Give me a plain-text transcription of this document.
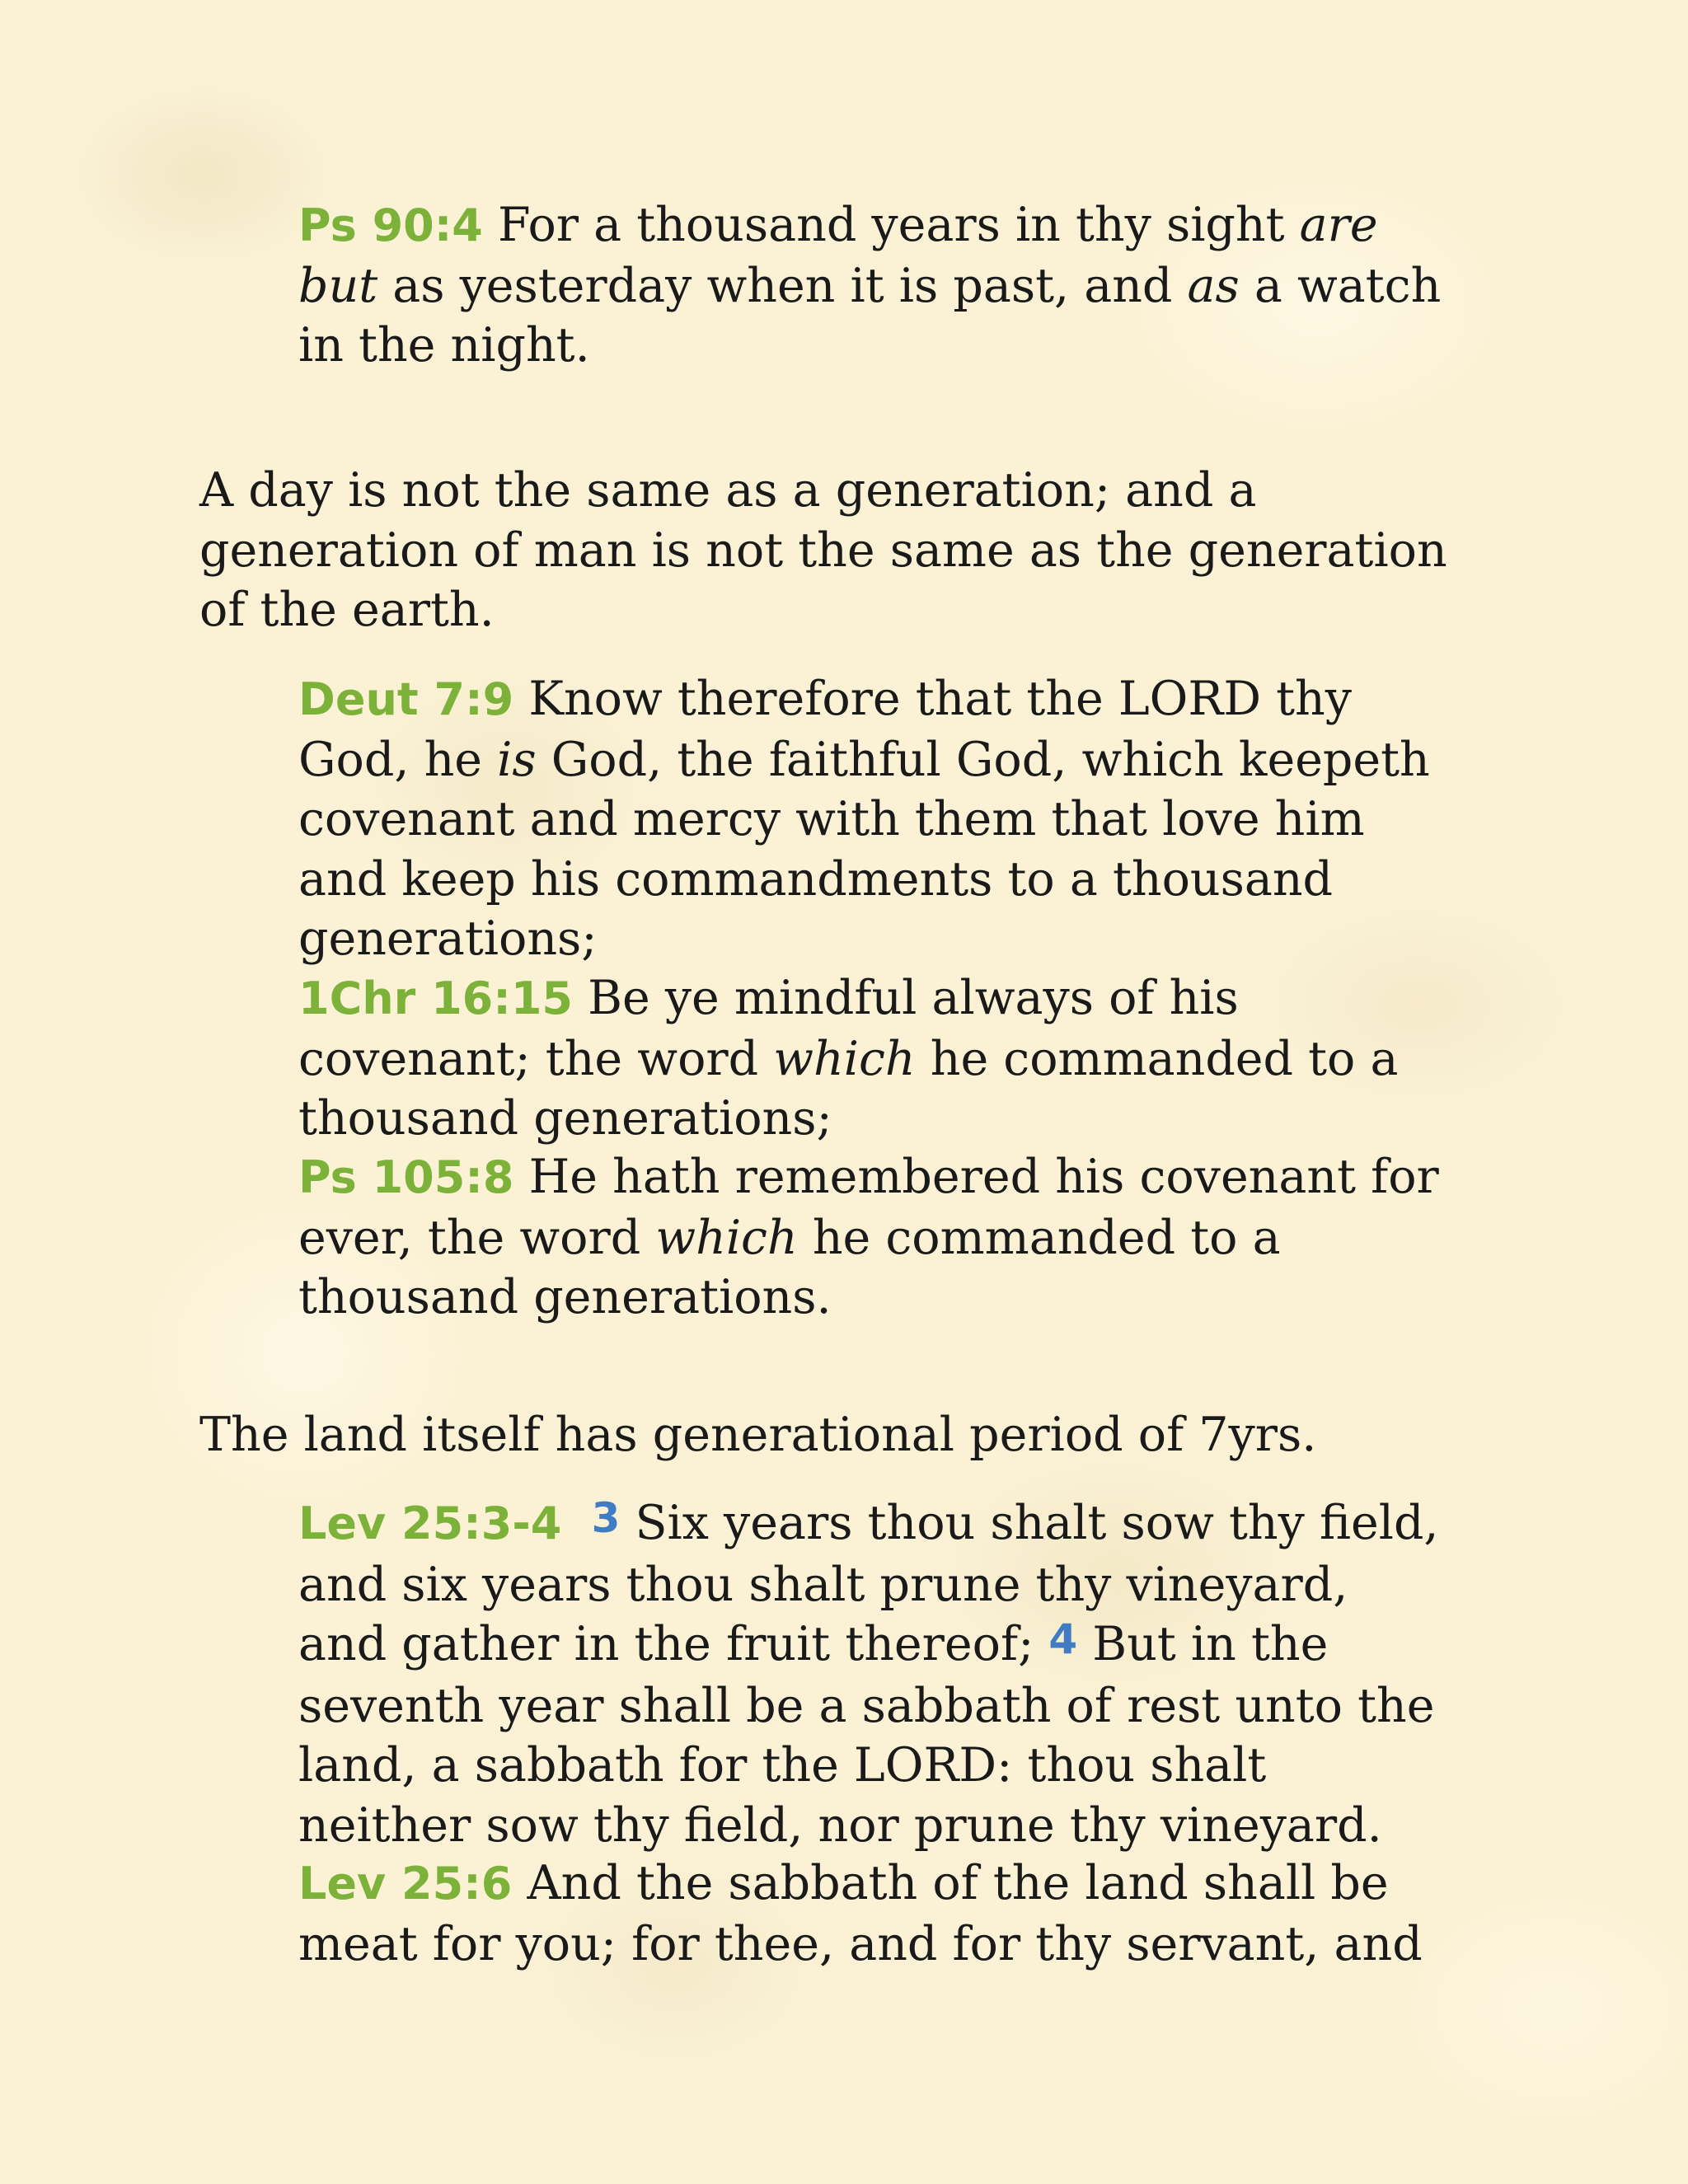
Ps 90:4 For a thousand years in thy sight are
but as yesterday when it is past, and as a watch
in the night.
A day is not the same as a generation; and a
generation of man is not the same as the generation
of the earth.
Deut 7:9 Know therefore that the LORD thy
God, he is God, the faithful God, which keepeth
covenant and mercy with them that love him
and keep his commandments to a thousand
generations;
1Chr 16:15 Be ye mindful always of his
covenant; the word which he commanded to a
thousand generations;
Ps 105:8 He hath remembered his covenant for
ever, the word which he commanded to a
thousand generations.
The land itself has generational period of 7yrs.
Lev 25:3-4 3 Six years thou shalt sow thy field,
and six years thou shalt prune thy vineyard,
and gather in the fruit thereof; 4 But in the
seventh year shall be a sabbath of rest unto the
land, a sabbath for the LORD: thou shalt
neither sow thy field, nor prune thy vineyard.
Lev 25:6 And the sabbath of the land shall be
meat for you; for thee, and for thy servant, and
